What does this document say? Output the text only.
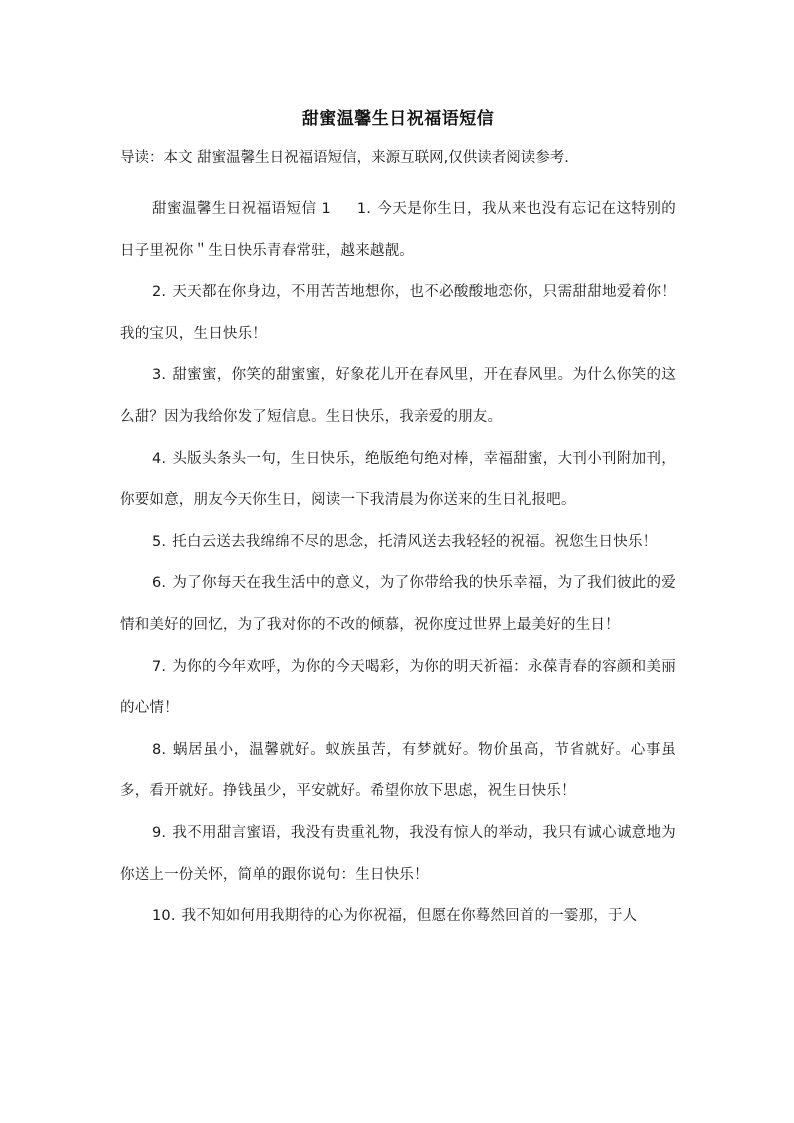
甜蜜温馨生日祝福语短信

导读：本文 甜蜜温馨生日祝福语短信，来源互联网,仅供读者阅读参考.

甜蜜温馨生日祝福语短信 1 1. 今天是你生日，我从来也没有忘记在这特别的日子里祝你＂生日快乐青春常驻，越来越靓。

2. 天天都在你身边，不用苦苦地想你，也不必酸酸地恋你，只需甜甜地爱着你！我的宝贝，生日快乐！

3. 甜蜜蜜，你笑的甜蜜蜜，好象花儿开在春风里，开在春风里。为什么你笑的这么甜？因为我给你发了短信息。生日快乐，我亲爱的朋友。

4. 头版头条头一句，生日快乐，绝版绝句绝对棒，幸福甜蜜，大刊小刊附加刊，你要如意，朋友今天你生日，阅读一下我清晨为你送来的生日礼报吧。

5. 托白云送去我绵绵不尽的思念，托清风送去我轻轻的祝福。祝您生日快乐！

6. 为了你每天在我生活中的意义，为了你带给我的快乐幸福，为了我们彼此的爱情和美好的回忆，为了我对你的不改的倾慕，祝你度过世界上最美好的生日！

7. 为你的今年欢呼，为你的今天喝彩，为你的明天祈福：永葆青春的容颜和美丽的心情！

8. 蜗居虽小，温馨就好。蚁族虽苦，有梦就好。物价虽高，节省就好。心事虽多，看开就好。挣钱虽少，平安就好。希望你放下思虑，祝生日快乐！

9. 我不用甜言蜜语，我没有贵重礼物，我没有惊人的举动，我只有诚心诚意地为你送上一份关怀，简单的跟你说句：生日快乐！

10. 我不知如何用我期待的心为你祝福，但愿在你蓦然回首的一霎那，于人
